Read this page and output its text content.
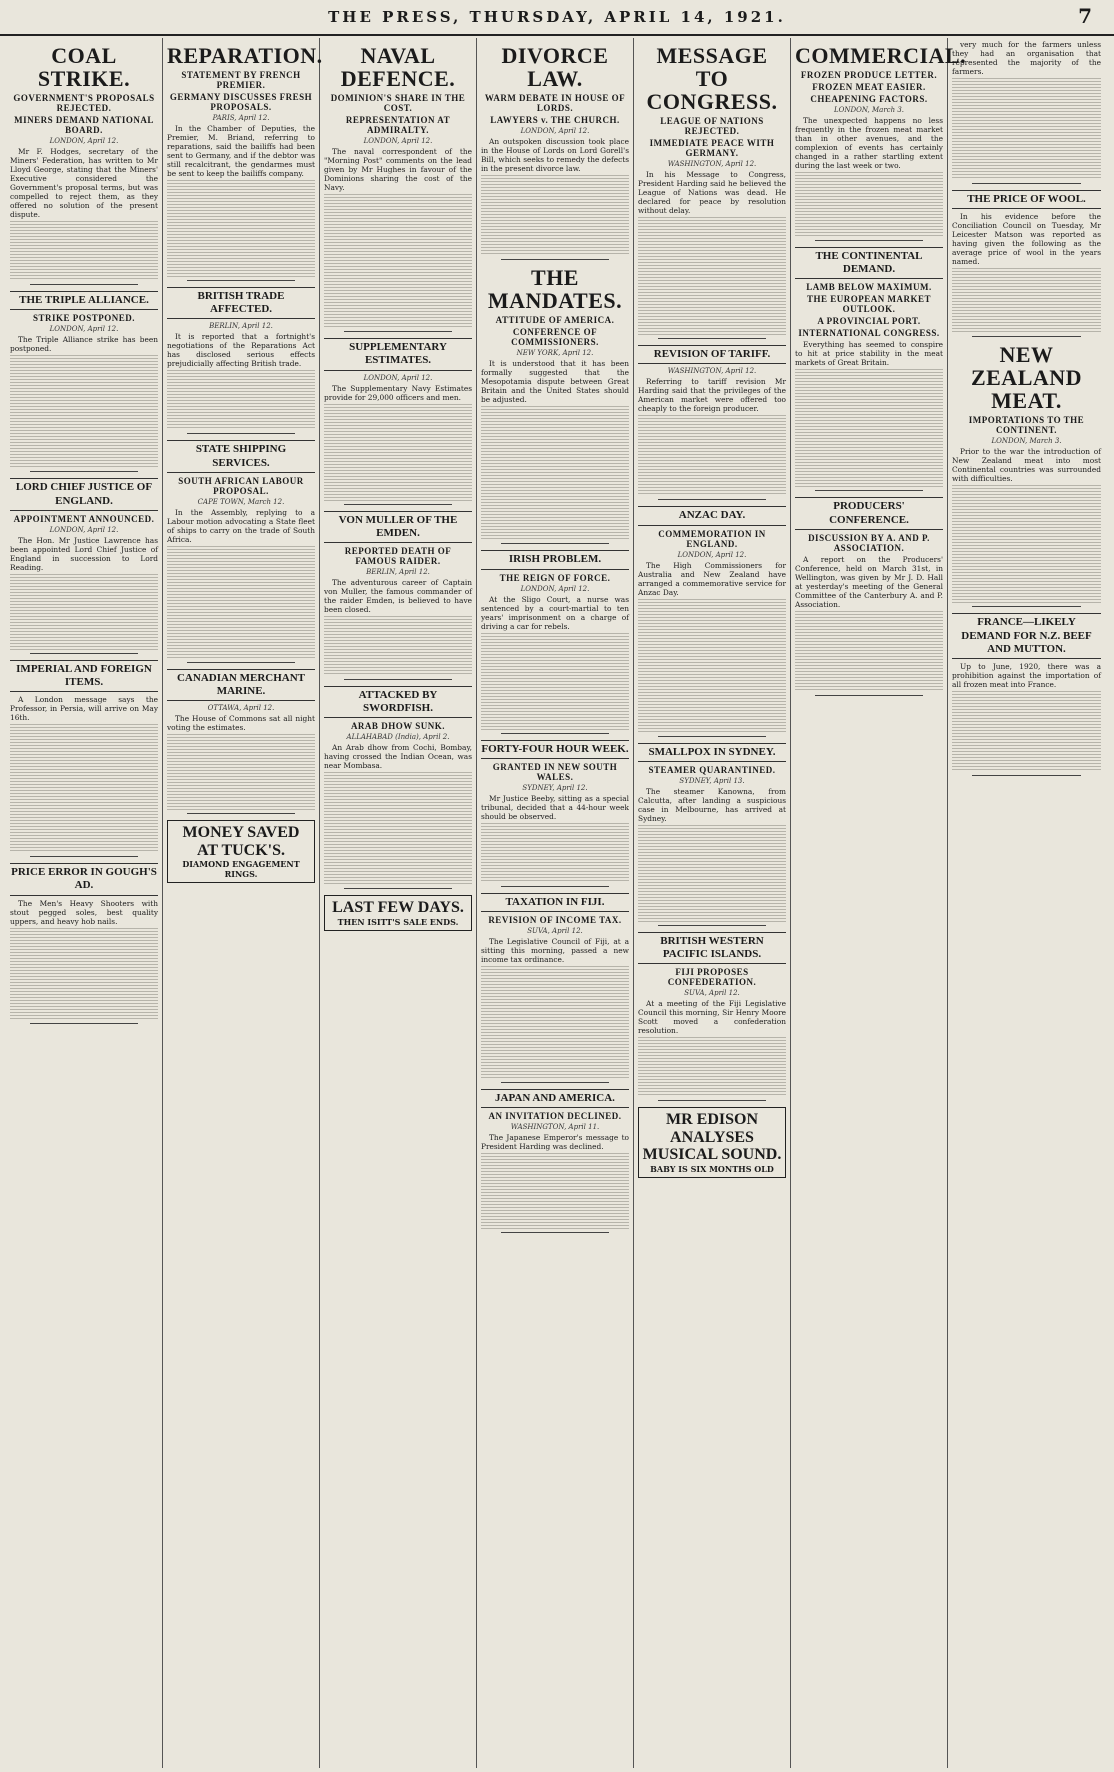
THE PRESS, THURSDAY, APRIL 14, 1921.	7
COAL STRIKE.
GOVERNMENT'S PROPOSALS REJECTED.
MINERS DEMAND NATIONAL BOARD.
LONDON, April 12.
Mr F. Hodges, secretary of the Miners' Federation, has written to Mr Lloyd George, stating that the Miners' Executive considered the Government's proposal terms, but was compelled to reject them, as they offered no solution of the present dispute.
THE TRIPLE ALLIANCE.
STRIKE POSTPONED.
LONDON, April 12.
The Triple Alliance strike has been postponed.
LORD CHIEF JUSTICE OF ENGLAND.
APPOINTMENT ANNOUNCED.
LONDON, April 12.
The Hon. Mr Justice Lawrence has been appointed Lord Chief Justice of England in succession to Lord Reading.
IMPERIAL AND FOREIGN ITEMS.
A London message says the Professor, in Persia, will arrive on May 16th.
PRICE ERROR IN GOUGH'S AD.
The Men's Heavy Shooters with stout pegged soles, best quality uppers, and heavy hob nails.
REPARATION.
STATEMENT BY FRENCH PREMIER.
GERMANY DISCUSSES FRESH PROPOSALS.
PARIS, April 12.
In the Chamber of Deputies, the Premier, M. Briand, referring to reparations, said the bailiffs had been sent to Germany, and if the debtor was still recalcitrant, the gendarmes must be sent to keep the bailiffs company.
BRITISH TRADE AFFECTED.
BERLIN, April 12.
It is reported that a fortnight's negotiations of the Reparations Act has disclosed serious effects prejudicially affecting British trade.
STATE SHIPPING SERVICES.
SOUTH AFRICAN LABOUR PROPOSAL.
CAPE TOWN, March 12.
In the Assembly, replying to a Labour motion advocating a State fleet of ships to carry on the trade of South Africa.
CANADIAN MERCHANT MARINE.
OTTAWA, April 12.
The House of Commons sat all night voting the estimates.
MONEY SAVED AT TUCK'S.
DIAMOND ENGAGEMENT RINGS.
NAVAL DEFENCE.
DOMINION'S SHARE IN THE COST.
REPRESENTATION AT ADMIRALTY.
LONDON, April 12.
The naval correspondent of the "Morning Post" comments on the lead given by Mr Hughes in favour of the Dominions sharing the cost of the Navy.
SUPPLEMENTARY ESTIMATES.
LONDON, April 12.
The Supplementary Navy Estimates provide for 29,000 officers and men.
VON MULLER OF THE EMDEN.
REPORTED DEATH OF FAMOUS RAIDER.
BERLIN, April 12.
The adventurous career of Captain von Muller, the famous commander of the raider Emden, is believed to have been closed.
ATTACKED BY SWORDFISH.
ARAB DHOW SUNK.
ALLAHABAD (India), April 2.
An Arab dhow from Cochi, Bombay, having crossed the Indian Ocean, was near Mombasa.
LAST FEW DAYS.
THEN ISITT'S SALE ENDS.
DIVORCE LAW.
WARM DEBATE IN HOUSE OF LORDS.
LAWYERS v. THE CHURCH.
LONDON, April 12.
An outspoken discussion took place in the House of Lords on Lord Gorell's Bill, which seeks to remedy the defects in the present divorce law.
THE MANDATES.
ATTITUDE OF AMERICA.
CONFERENCE OF COMMISSIONERS.
NEW YORK, April 12.
It is understood that it has been formally suggested that the Mesopotamia dispute between Great Britain and the United States should be adjusted.
IRISH PROBLEM.
THE REIGN OF FORCE.
LONDON, April 12.
At the Sligo Court, a nurse was sentenced by a court-martial to ten years' imprisonment on a charge of driving a car for rebels.
FORTY-FOUR HOUR WEEK.
GRANTED IN NEW SOUTH WALES.
SYDNEY, April 12.
Mr Justice Beeby, sitting as a special tribunal, decided that a 44-hour week should be observed.
TAXATION IN FIJI.
REVISION OF INCOME TAX.
SUVA, April 12.
The Legislative Council of Fiji, at a sitting this morning, passed a new income tax ordinance.
JAPAN AND AMERICA.
AN INVITATION DECLINED.
WASHINGTON, April 11.
The Japanese Emperor's message to President Harding was declined.
MESSAGE TO CONGRESS.
LEAGUE OF NATIONS REJECTED.
IMMEDIATE PEACE WITH GERMANY.
WASHINGTON, April 12.
In his Message to Congress, President Harding said he believed the League of Nations was dead. He declared for peace by resolution without delay.
REVISION OF TARIFF.
WASHINGTON, April 12.
Referring to tariff revision Mr Harding said that the privileges of the American market were offered too cheaply to the foreign producer.
ANZAC DAY.
COMMEMORATION IN ENGLAND.
LONDON, April 12.
The High Commissioners for Australia and New Zealand have arranged a commemorative service for Anzac Day.
SMALLPOX IN SYDNEY.
STEAMER QUARANTINED.
SYDNEY, April 13.
The steamer Kanowna, from Calcutta, after landing a suspicious case in Melbourne, has arrived at Sydney.
BRITISH WESTERN PACIFIC ISLANDS.
FIJI PROPOSES CONFEDERATION.
SUVA, April 12.
At a meeting of the Fiji Legislative Council this morning, Sir Henry Moore Scott moved a confederation resolution.
MR EDISON ANALYSES MUSICAL SOUND.
BABY IS SIX MONTHS OLD
COMMERCIAL.
FROZEN PRODUCE LETTER.
FROZEN MEAT EASIER.
CHEAPENING FACTORS.
LONDON, March 3.
The unexpected happens no less frequently in the frozen meat market than in other avenues, and the complexion of events has certainly changed in a rather startling extent during the last week or two.
THE CONTINENTAL DEMAND.
LAMB BELOW MAXIMUM.
THE EUROPEAN MARKET OUTLOOK.
A PROVINCIAL PORT.
INTERNATIONAL CONGRESS.
Everything has seemed to conspire to hit at price stability in the meat markets of Great Britain.
PRODUCERS' CONFERENCE.
DISCUSSION BY A. AND P. ASSOCIATION.
A report on the Producers' Conference, held on March 31st, in Wellington, was given by Mr J. D. Hall at yesterday's meeting of the General Committee of the Canterbury A. and P. Association.
very much for the farmers unless they had an organisation that represented the majority of the farmers.
THE PRICE OF WOOL.
In his evidence before the Conciliation Council on Tuesday, Mr Leicester Matson was reported as having given the following as the average price of wool in the years named.
NEW ZEALAND MEAT.
IMPORTATIONS TO THE CONTINENT.
LONDON, March 3.
Prior to the war the introduction of New Zealand meat into most Continental countries was surrounded with difficulties.
FRANCE—LIKELY DEMAND FOR N.Z. BEEF AND MUTTON.
Up to June, 1920, there was a prohibition against the importation of all frozen meat into France.
